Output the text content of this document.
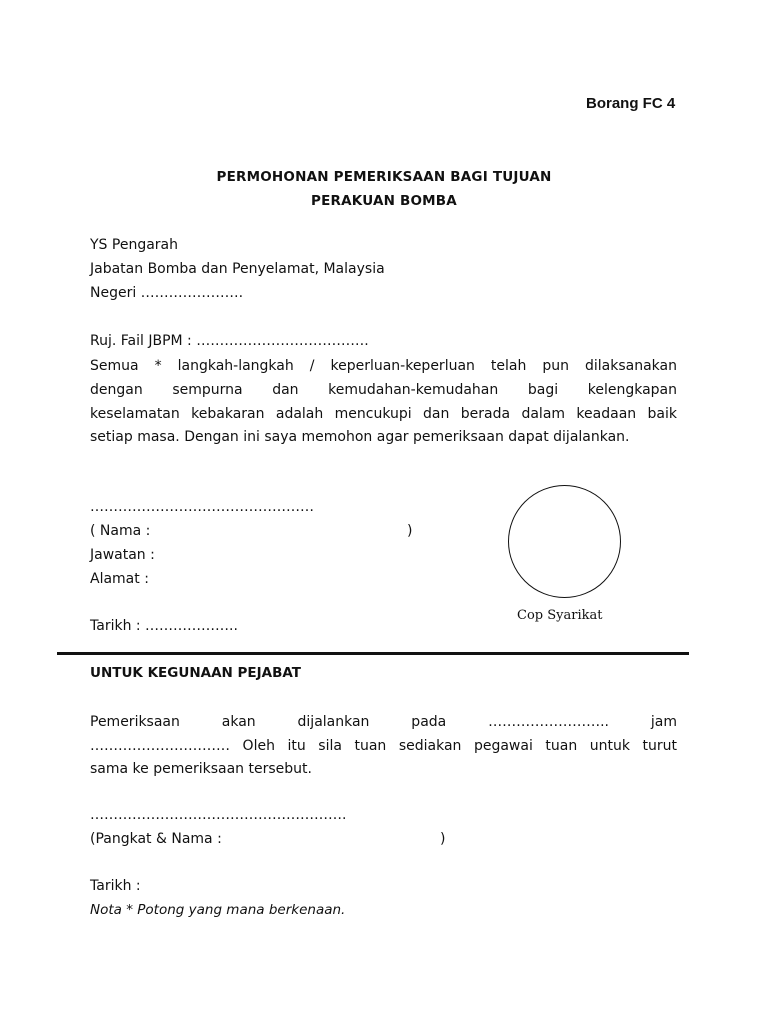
Borang FC 4
PERMOHONAN PEMERIKSAAN BAGI TUJUAN
PERAKUAN BOMBA
YS Pengarah
Jabatan Bomba dan Penyelamat, Malaysia
Negeri ………………….
Ruj. Fail JBPM : ……………………………….
Semua * langkah-langkah / keperluan-keperluan telah pun dilaksanakan
dengan sempurna dan kemudahan-kemudahan bagi kelengkapan
keselamatan kebakaran adalah mencukupi dan berada dalam keadaan baik
setiap masa. Dengan ini saya memohon agar pemeriksaan dapat dijalankan.
…………………………………………
( Nama :	)
Jawatan :
Alamat :
Tarikh : ………………..
Cop Syarikat
UNTUK KEGUNAAN PEJABAT
Pemeriksaan akan dijalankan pada …………………….. jam
………………………… Oleh itu sila tuan sediakan pegawai tuan untuk turut
sama ke pemeriksaan tersebut.
……………………………………………….
(Pangkat & Nama :	)
Tarikh :
Nota * Potong yang mana berkenaan.
